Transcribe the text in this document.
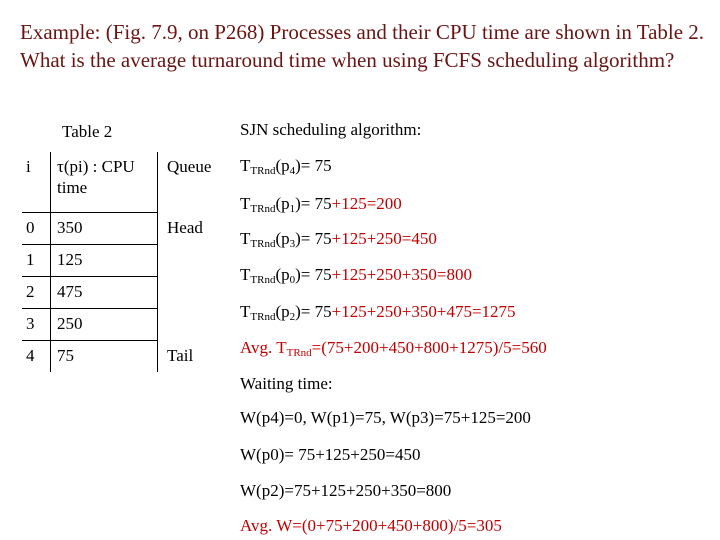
Example: (Fig. 7.9, on P268) Processes and their CPU time are shown in Table 2. What is the average turnaround time when using FCFS scheduling algorithm?
Table 2
i	τ(pi) : CPU time	Queue
0	350	Head
1	125	
2	475	
3	250	
4	75	Tail
SJN scheduling algorithm:
$T_{TRnd}(p_4)= 75$
$T_{TRnd}(p_1)= 75+125=200$
$T_{TRnd}(p_3)= 75+125+250=450$
$T_{TRnd}(p_0)= 75+125+250+350=800$
$T_{TRnd}(p_2)= 75+125+250+350+475=1275$
Avg. $T_{TRnd}=(75+200+450+800+1275)/5=560$
Waiting time:
W(p4)=0, W(p1)=75, W(p3)=75+125=200
W(p0)= 75+125+250=450
W(p2)=75+125+250+350=800
Avg. W=(0+75+200+450+800)/5=305
